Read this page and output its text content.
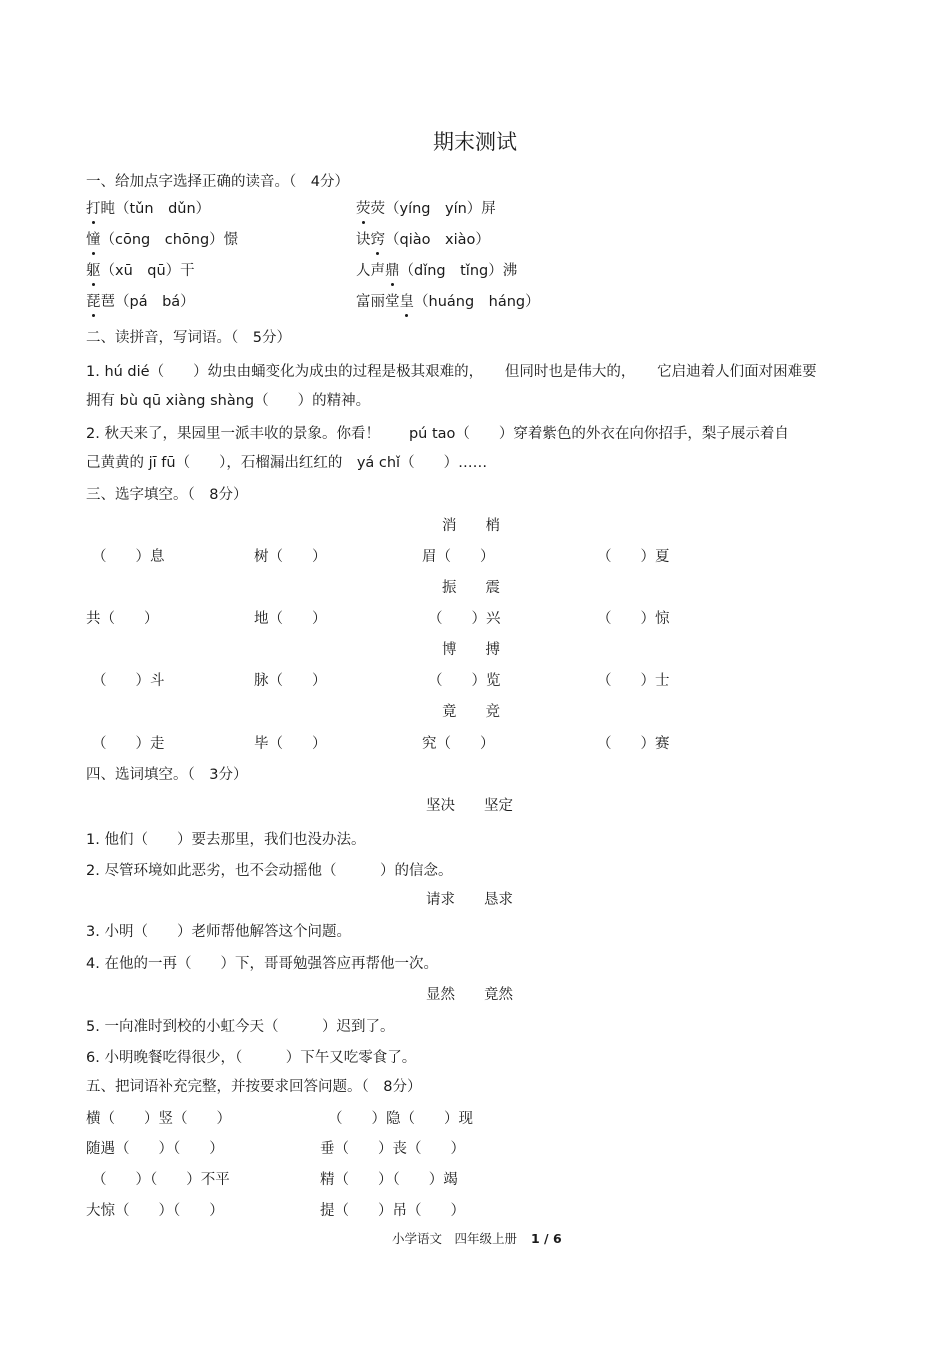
期末测试
一、给加点字选择正确的读音。（　4分）
打盹（tǔn　dǔn）	荧荧（yíng　yín）屏
憧（cōng　chōng）憬	诀窍（qiào　xiào）
躯（xū　qū）干	人声鼎（dǐng　tǐng）沸
琵琶（pá　bá）	富丽堂皇（huáng　háng）
二、读拼音，写词语。（　5分）
1. hú dié（　　）幼虫由蛹变化为成虫的过程是极其艰难的，　　但同时也是伟大的，　　它启迪着人们面对困难要
拥有 bù qū xiàng shàng（　　）的精神。
2. 秋天来了，果园里一派丰收的景象。你看！　　pú tao（　　）穿着紫色的外衣在向你招手，梨子展示着自
己黄黄的 jī fū（　　），石榴漏出红红的　yá chǐ（　　）……
三、选字填空。（　8分）
消　　梢
（　　）息	树（　　）	眉（　　）	（　　）夏
振　　震
共（　　）	地（　　）	（　　）兴	（　　）惊
博　　搏
（　　）斗	脉（　　）	（　　）览	（　　）士
竟　　竞
（　　）走	毕（　　）	究（　　）	（　　）赛
四、选词填空。（　3分）
坚决　　坚定
1. 他们（　　）要去那里，我们也没办法。
2. 尽管环境如此恶劣，也不会动摇他（　　　）的信念。
请求　　恳求
3. 小明（　　）老师帮他解答这个问题。
4. 在他的一再（　　）下，哥哥勉强答应再帮他一次。
显然　　竟然
5. 一向准时到校的小虹今天（　　　）迟到了。
6. 小明晚餐吃得很少，（　　　）下午又吃零食了。
五、把词语补充完整，并按要求回答问题。（　8分）
横（　　）竖（　　）	（　　）隐（　　）现
随遇（　　）（　　）	垂（　　）丧（　　）
（　　）（　　）不平	精（　　）（　　）竭
大惊（　　）（　　）	提（　　）吊（　　）
小学语文　四年级上册 1 / 6
